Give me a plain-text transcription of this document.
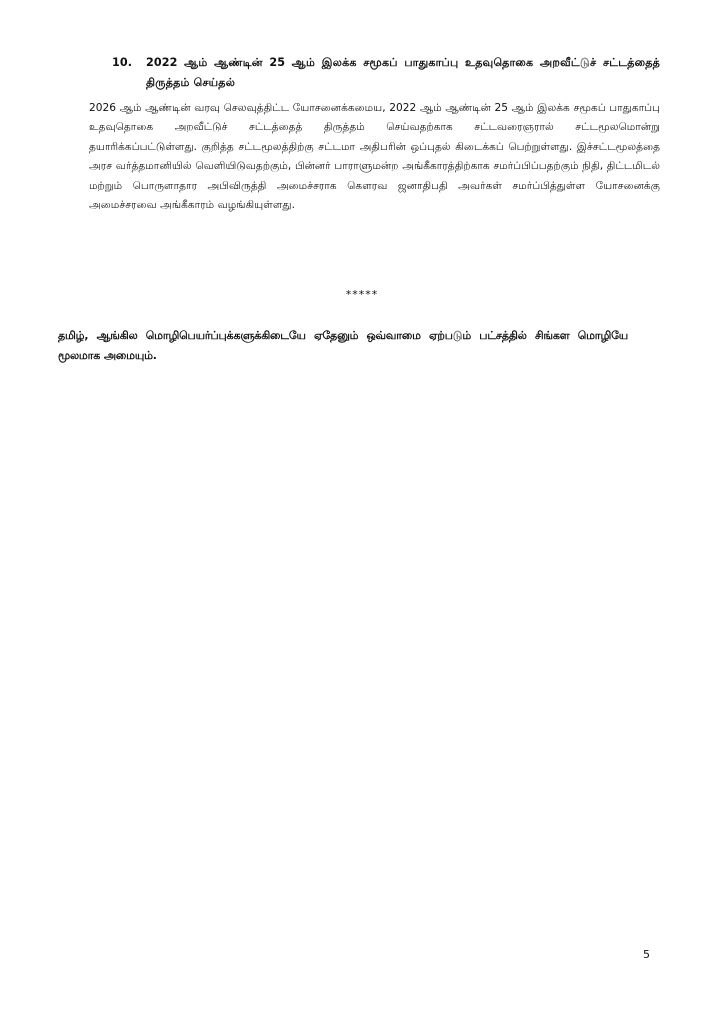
10.	2022 ஆம் ஆண்டின் 25 ஆம் இலக்க சமூகப் பாதுகாப்பு உதவுதொகை அறவீட்டுச் சட்டத்தைத் திருத்தம் செய்தல்
2026 ஆம் ஆண்டின் வரவு செலவுத்திட்ட யோசனைக்கமைய, 2022 ஆம் ஆண்டின் 25 ஆம் இலக்க சமூகப் பாதுகாப்பு உதவுதொகை அறவீட்டுச் சட்டத்தைத் திருத்தம் செய்வதற்காக சட்டவரைஞரால் சட்டமூலமொன்று தயாரிக்கப்பட்டுள்ளது. குறித்த சட்டமூலத்திற்கு சட்டமா அதிபரின் ஒப்புதல் கிடைக்கப் பெற்றுள்ளது. இச்சட்டமூலத்தை அரச வர்த்தமானியில் வெளியிடுவதற்கும், பின்னர் பாராளுமன்ற அங்கீகாரத்திற்காக சமர்ப்பிப்பதற்கும் நிதி, திட்டமிடல் மற்றும் பொருளாதார அபிவிருத்தி அமைச்சராக கௌரவ ஜனாதிபதி அவர்கள் சமர்ப்பித்துள்ள யோசனைக்கு அமைச்சரவை அங்கீகாரம் வழங்கியுள்ளது.
*****
தமிழ், ஆங்கில மொழிபெயர்ப்புக்களுக்கிடையே ஏதேனும் ஒவ்வாமை ஏற்படும் பட்சத்தில் சிங்கள மொழியே மூலமாக அமையும்.
5
